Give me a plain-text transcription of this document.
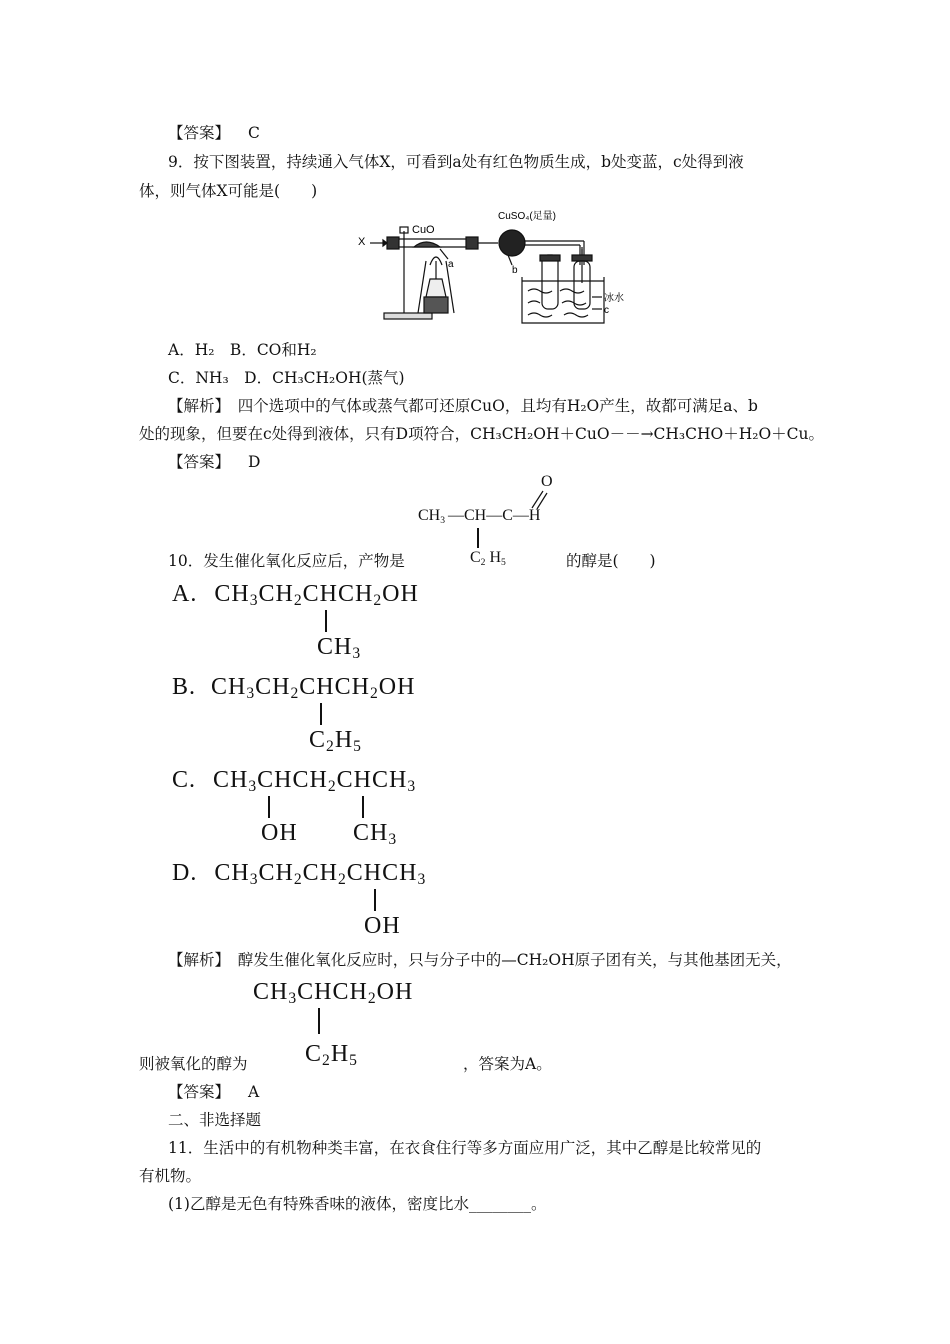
【答案】 C
9．按下图装置，持续通入气体X，可看到a处有红色物质生成，b处变蓝，c处得到液
体，则气体X可能是(　　)
X
CuO
CuSO₄(足量)
a
b
冰水
c
A．H₂　B．CO和H₂
C．NH₃　D．CH₃CH₂OH(蒸气)
【解析】　四个选项中的气体或蒸气都可还原CuO，且均有H₂O产生，故都可满足a、b
处的现象，但要在c处得到液体，只有D项符合，CH₃CH₂OH＋CuO－－→CH₃CHO＋H₂O＋Cu。
【答案】 D
O
$CH_3$ —CH—C—H
$C_2$ $H_5$
10．发生催化氧化反应后，产物是	的醇是(　　)
A. CH3CH2CHCH2OH
CH3
B. CH3CH2CHCH2OH
C2H5
C. CH3CHCH2CHCH3
OH CH3
D. CH3CH2CH2CHCH3
OH
【解析】　醇发生催化氧化反应时，只与分子中的—CH₂OH原子团有关，与其他基团无关，
CH3CHCH2OH
C2H5
则被氧化的醇为	，答案为A。
【答案】 A
二、非选择题
11．生活中的有机物种类丰富，在衣食住行等多方面应用广泛，其中乙醇是比较常见的
有机物。
(1)乙醇是无色有特殊香味的液体，密度比水________。
